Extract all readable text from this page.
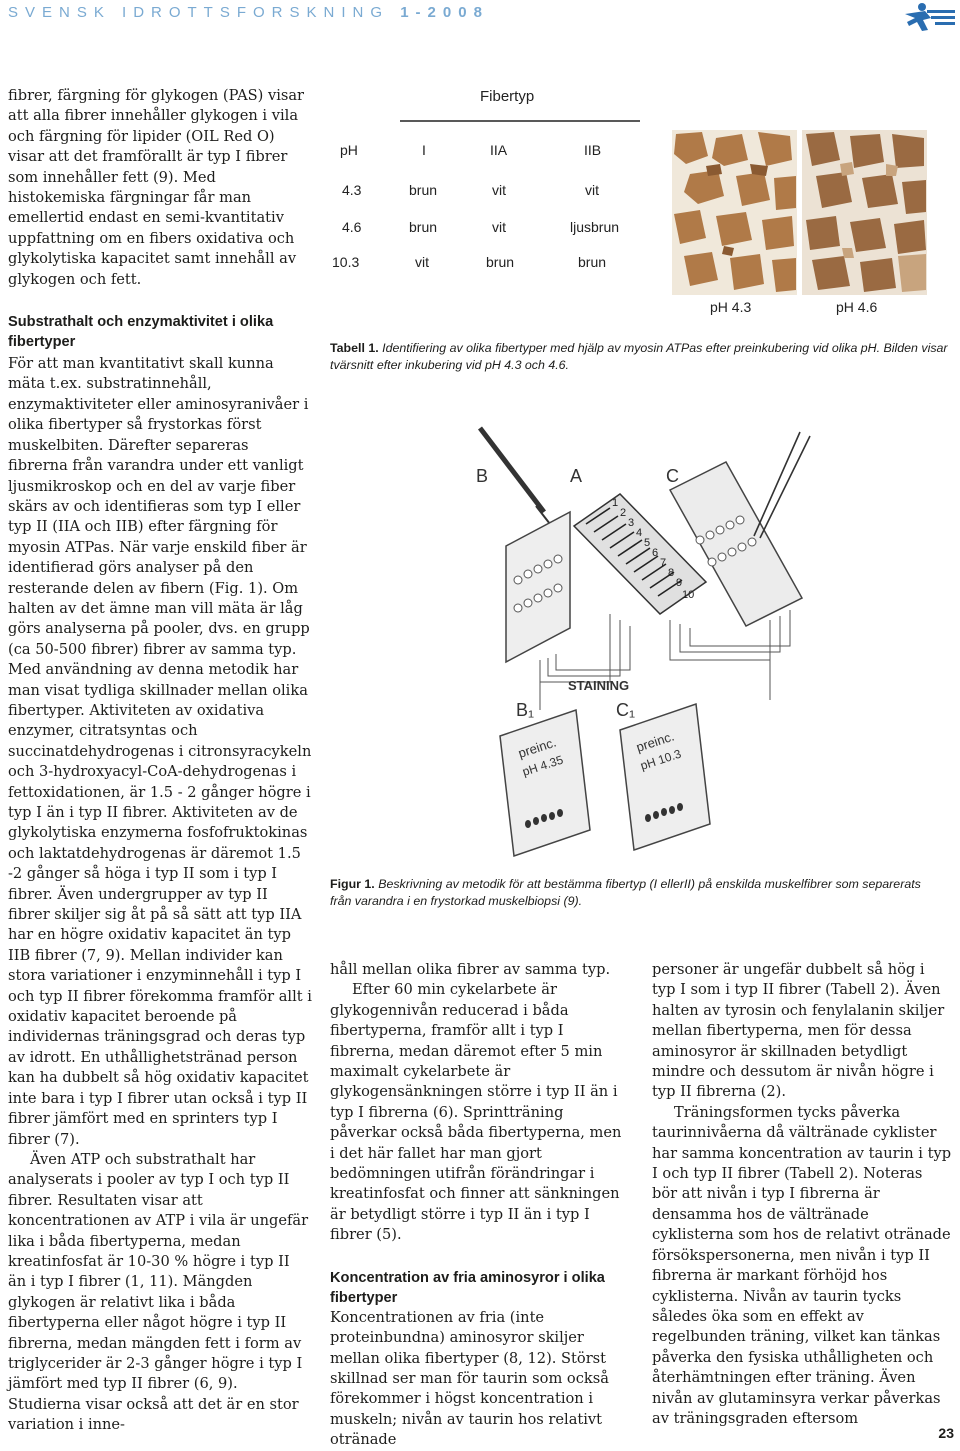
SVENSK IDROTTSFORSKNING 1-2008

fibrer, färgning för glykogen (PAS) visar att alla fibrer innehåller glykogen i vila och färgning för lipider (OIL Red O) visar att det framförallt är typ I fibrer som innehåller fett (9). Med histokemiska färgningar får man emellertid endast en semi-kvantitativ uppfattning om en fibers oxidativa och glykolytiska kapacitet samt innehåll av glykogen och fett.

Substrathalt och enzymaktivitet i olika fibertyper

För att man kvantitativt skall kunna mäta t.ex. substratinnehåll, enzymaktiviteter eller aminosyranivåer i olika fibertyper så frystorkas först muskelbiten. Därefter separeras fibrerna från varandra under ett vanligt ljusmikroskop och en del av varje fiber skärs av och identifieras som typ I eller typ II (IIA och IIB) efter färgning för myosin ATPas. När varje enskild fiber är identifierad görs analyser på den resterande delen av fibern (Fig. 1). Om halten av det ämne man vill mäta är låg görs analyserna på pooler, dvs. en grupp (ca 50-500 fibrer) fibrer av samma typ. Med användning av denna metodik har man visat tydliga skillnader mellan olika fibertyper. Aktiviteten av oxidativa enzymer, citratsyntas och succinatdehydrogenas i citronsyracykeln och 3-hydroxyacyl-CoA-dehydrogenas i fettoxidationen, är 1.5 - 2 gånger högre i typ I än i typ II fibrer. Aktiviteten av de glykolytiska enzymerna fosfofruktokinas och laktatdehydrogenas är däremot 1.5 -2 gånger så höga i typ II som i typ I fibrer. Även undergrupper av typ II fibrer skiljer sig åt på så sätt att typ IIA har en högre oxidativ kapacitet än typ IIB fibrer (7, 9). Mellan individer kan stora variationer i enzyminnehåll i typ I och typ II fibrer förekomma framför allt i oxidativ kapacitet beroende på individernas träningsgrad och deras typ av idrott. En uthållighetstränad person kan ha dubbelt så hög oxidativ kapacitet inte bara i typ I fibrer utan också i typ II fibrer jämfört med en sprinters typ I fibrer (7).

Även ATP och substrathalt har analyserats i pooler av typ I och typ II fibrer. Resultaten visar att koncentrationen av ATP i vila är ungefär lika i båda fibertyperna, medan kreatinfosfat är 10-30 % högre i typ II än i typ I fibrer (1, 11). Mängden glykogen är relativt lika i båda fibertyperna eller något högre i typ II fibrerna, medan mängden fett i form av triglycerider är 2-3 gånger högre i typ I jämfört med typ II fibrer (6, 9). Studierna visar också att det är en stor variation i inne-

Fibertyp
pH	I	IIA	IIB
4.3	brun	vit	vit
4.6	brun	vit	ljusbrun
10.3	vit	brun	brun
pH 4.3	pH 4.6
Tabell 1. Identifiering av olika fibertyper med hjälp av myosin ATPas efter preinkubering vid olika pH. Bilden visar tvärsnitt efter inkubering vid pH 4.3 och 4.6.
B	A	C
1
2
3
4
5
6
7
8
9
10
STAINING
B₁	C₁
preinc.
pH 4.35
preinc.
pH 10.3
Figur 1. Beskrivning av metodik för att bestämma fibertyp (I ellerII) på enskilda muskelfibrer som separerats från varandra i en frystorkad muskelbiopsi (9).

håll mellan olika fibrer av samma typ.

Efter 60 min cykelarbete är glykogennivån reducerad i båda fibertyperna, framför allt i typ I fibrerna, medan däremot efter 5 min maximalt cykelarbete är glykogensänkningen större i typ II än i typ I fibrerna (6). Sprintträning påverkar också båda fibertyperna, men i det här fallet har man gjort bedömningen utifrån förändringar i kreatinfosfat och finner att sänkningen är betydligt större i typ II än i typ I fibrer (5).

Koncentration av fria aminosyror i olika fibertyper

Koncentrationen av fria (inte proteinbundna) aminosyror skiljer mellan olika fibertyper (8, 12). Störst skillnad ser man för taurin som också förekommer i högst koncentration i muskeln; nivån av taurin hos relativt otränade

personer är ungefär dubbelt så hög i typ I som i typ II fibrer (Tabell 2). Även halten av tyrosin och fenylalanin skiljer mellan fibertyperna, men för dessa aminosyror är skillnaden betydligt mindre och dessutom är nivån högre i typ II fibrerna (2).

Träningsformen tycks påverka taurinnivåerna då vältränade cyklister har samma koncentration av taurin i typ I och typ II fibrer (Tabell 2). Noteras bör att nivån i typ I fibrerna är densamma hos de vältränade cyklisterna som hos de relativt otränade försökspersonerna, men nivån i typ II fibrerna är markant förhöjd hos cyklisterna. Nivån av taurin tycks således öka som en effekt av regelbunden träning, vilket kan tänkas påverka den fysiska uthålligheten och återhämtningen efter träning. Även nivån av glutaminsyra verkar påverkas av träningsgraden eftersom

23
